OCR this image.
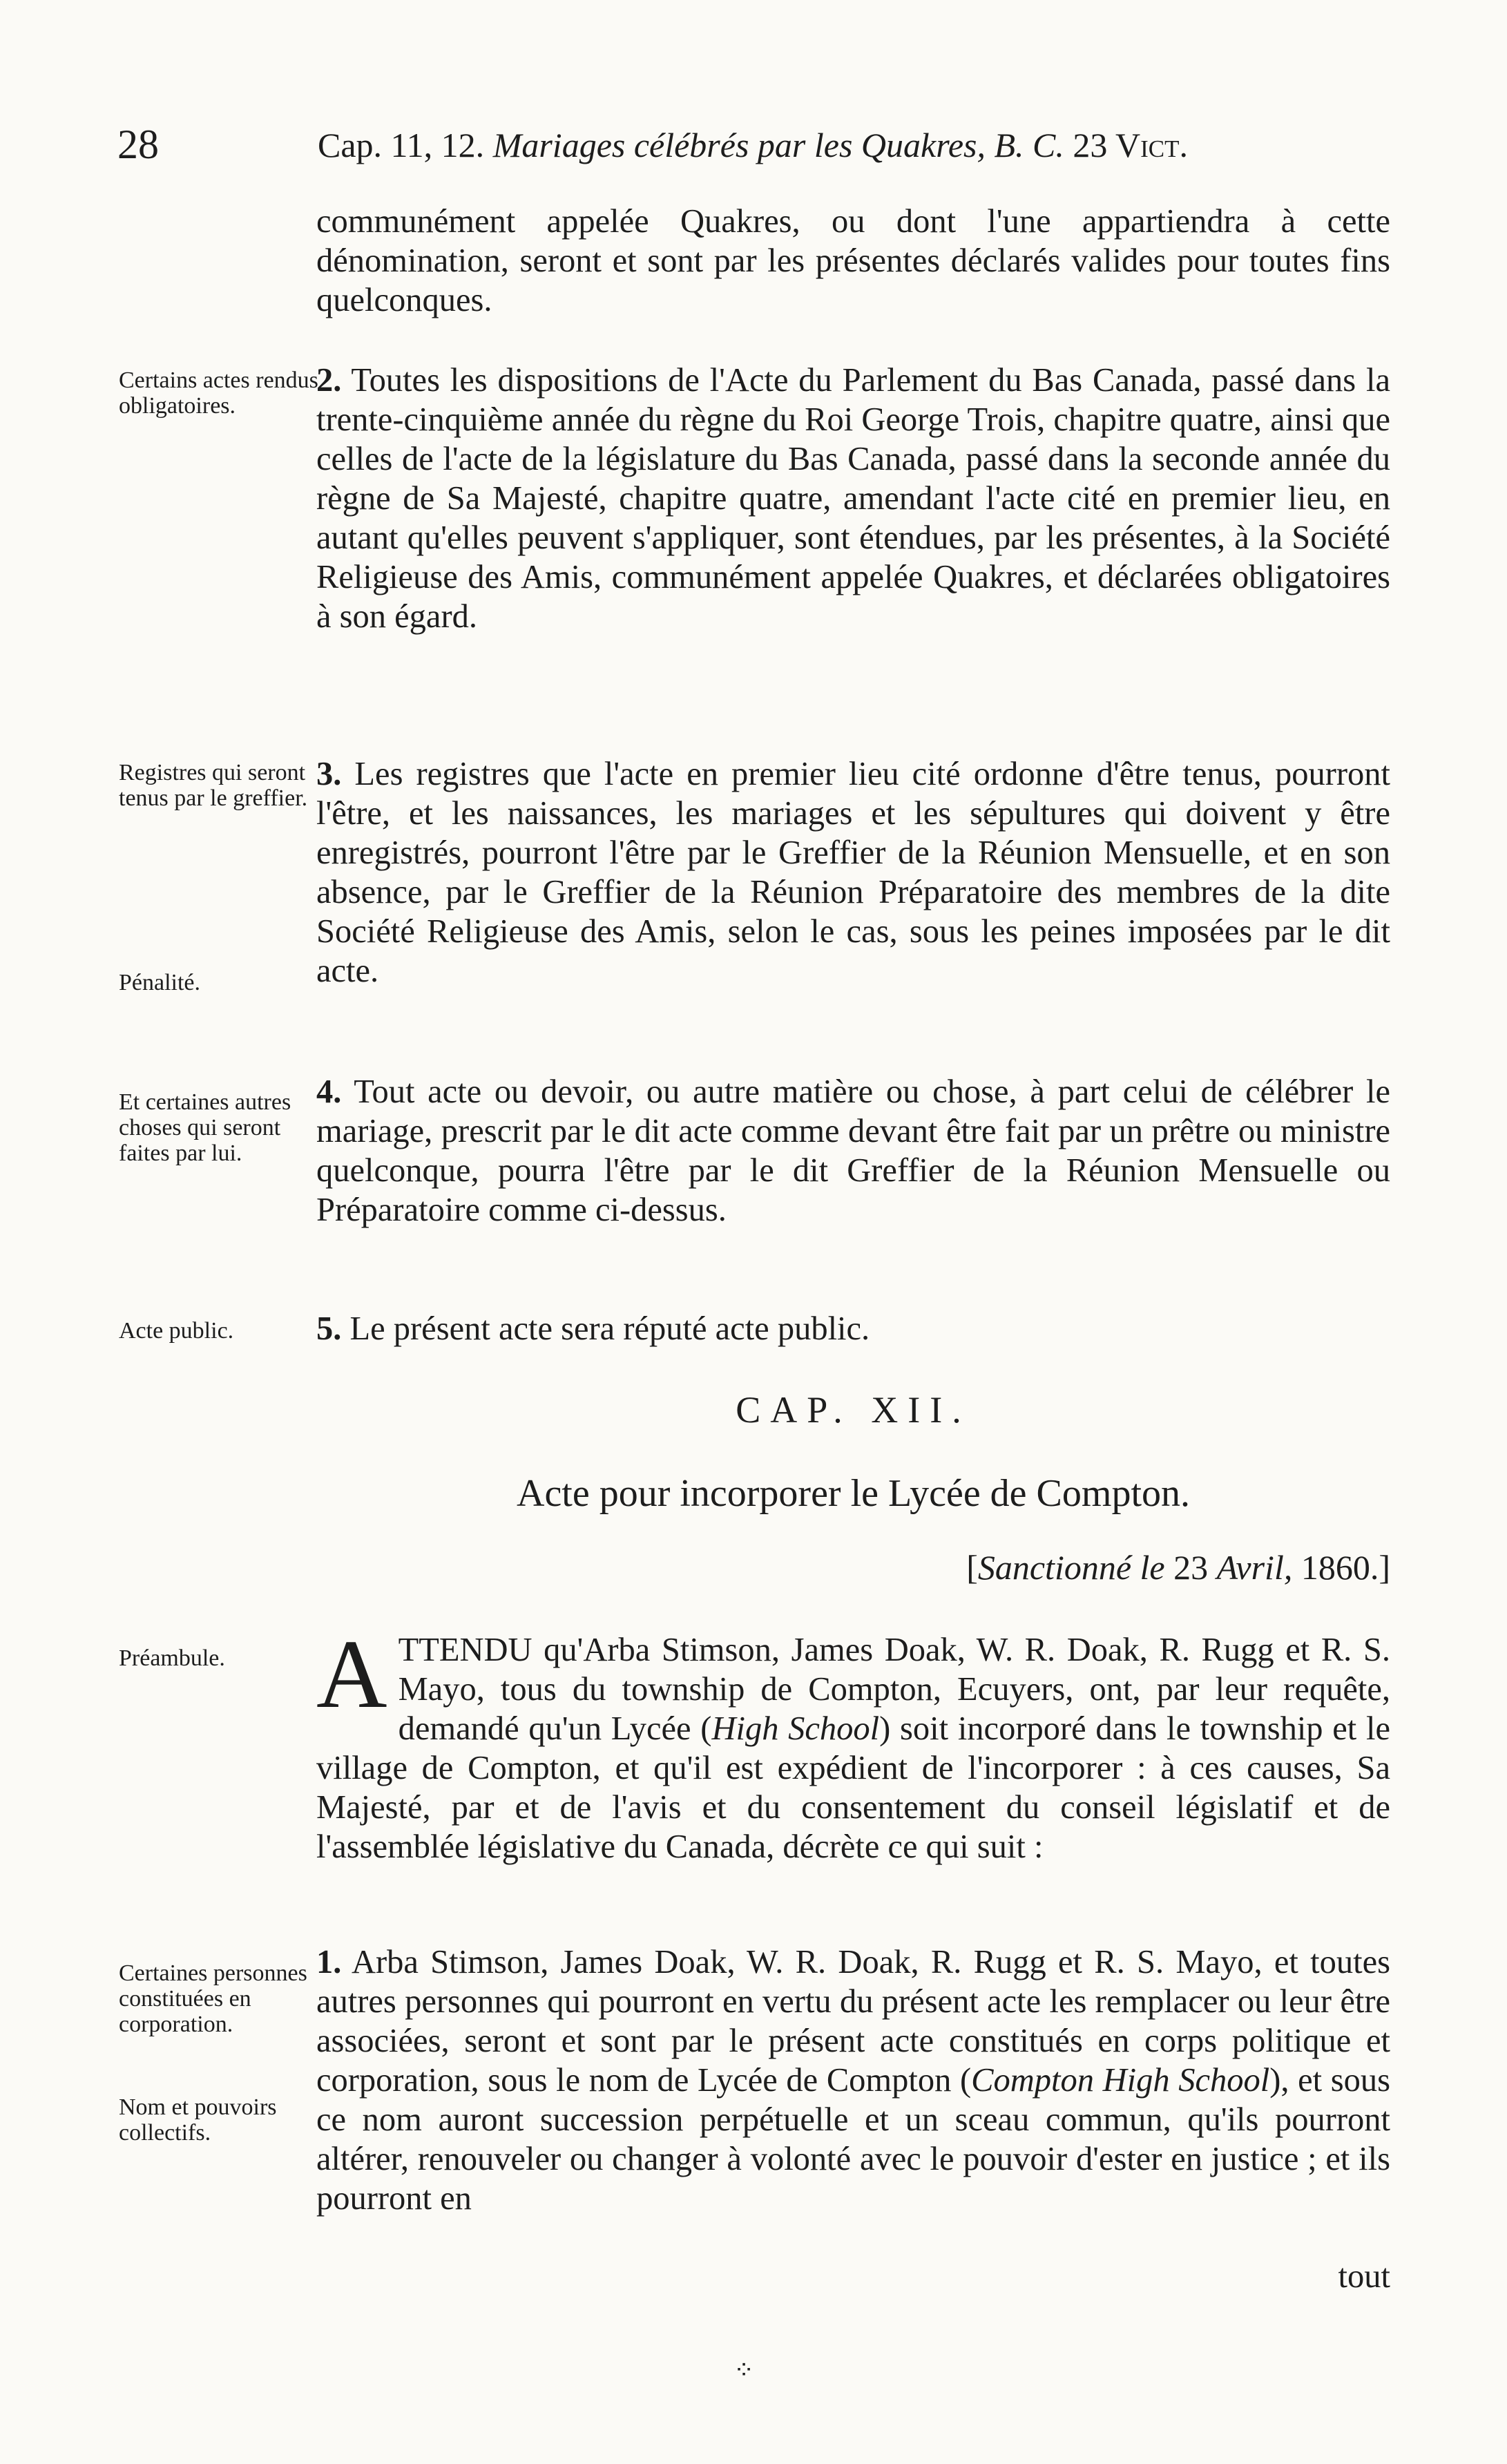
28	Cap. 11, 12. Mariages célébrés par les Quakres, B. C. 23 Vict.
communément appelée Quakres, ou dont l'une appartiendra à cette dénomination, seront et sont par les présentes déclarés valides pour toutes fins quelconques.
Certains actes rendus obligatoires.
2. Toutes les dispositions de l'Acte du Parlement du Bas Canada, passé dans la trente-cinquième année du règne du Roi George Trois, chapitre quatre, ainsi que celles de l'acte de la législature du Bas Canada, passé dans la seconde année du règne de Sa Majesté, chapitre quatre, amendant l'acte cité en premier lieu, en autant qu'elles peuvent s'appliquer, sont étendues, par les présentes, à la Société Religieuse des Amis, communément appelée Quakres, et déclarées obligatoires à son égard.
Registres qui seront tenus par le greffier.
Pénalité.
3. Les registres que l'acte en premier lieu cité ordonne d'être tenus, pourront l'être, et les naissances, les mariages et les sépultures qui doivent y être enregistrés, pourront l'être par le Greffier de la Réunion Mensuelle, et en son absence, par le Greffier de la Réunion Préparatoire des membres de la dite Société Religieuse des Amis, selon le cas, sous les peines imposées par le dit acte.
Et certaines autres choses qui seront faites par lui.
4. Tout acte ou devoir, ou autre matière ou chose, à part celui de célébrer le mariage, prescrit par le dit acte comme devant être fait par un prêtre ou ministre quelconque, pourra l'être par le dit Greffier de la Réunion Mensuelle ou Préparatoire comme ci-dessus.
Acte public.	5. Le présent acte sera réputé acte public.
CAP. XII.
Acte pour incorporer le Lycée de Compton.
[Sanctionné le 23 Avril, 1860.]
Préambule. A TTENDU qu'Arba Stimson, James Doak, W. R. Doak, R. Rugg et R. S. Mayo, tous du township de Compton, Ecuyers, ont, par leur requête, demandé qu'un Lycée (High School) soit incorporé dans le township et le village de Compton, et qu'il est expédient de l'incorporer : à ces causes, Sa Majesté, par et de l'avis et du consentement du conseil législatif et de l'assemblée législative du Canada, décrète ce qui suit :
Certaines personnes constituées en corporation.
Nom et pouvoirs collectifs.
1. Arba Stimson, James Doak, W. R. Doak, R. Rugg et R. S. Mayo, et toutes autres personnes qui pourront en vertu du présent acte les remplacer ou leur être associées, seront et sont par le présent acte constitués en corps politique et corporation, sous le nom de Lycée de Compton (Compton High School), et sous ce nom auront succession perpétuelle et un sceau commun, qu'ils pourront altérer, renouveler ou changer à volonté avec le pouvoir d'ester en justice ; et ils pourront en
tout
⁘
